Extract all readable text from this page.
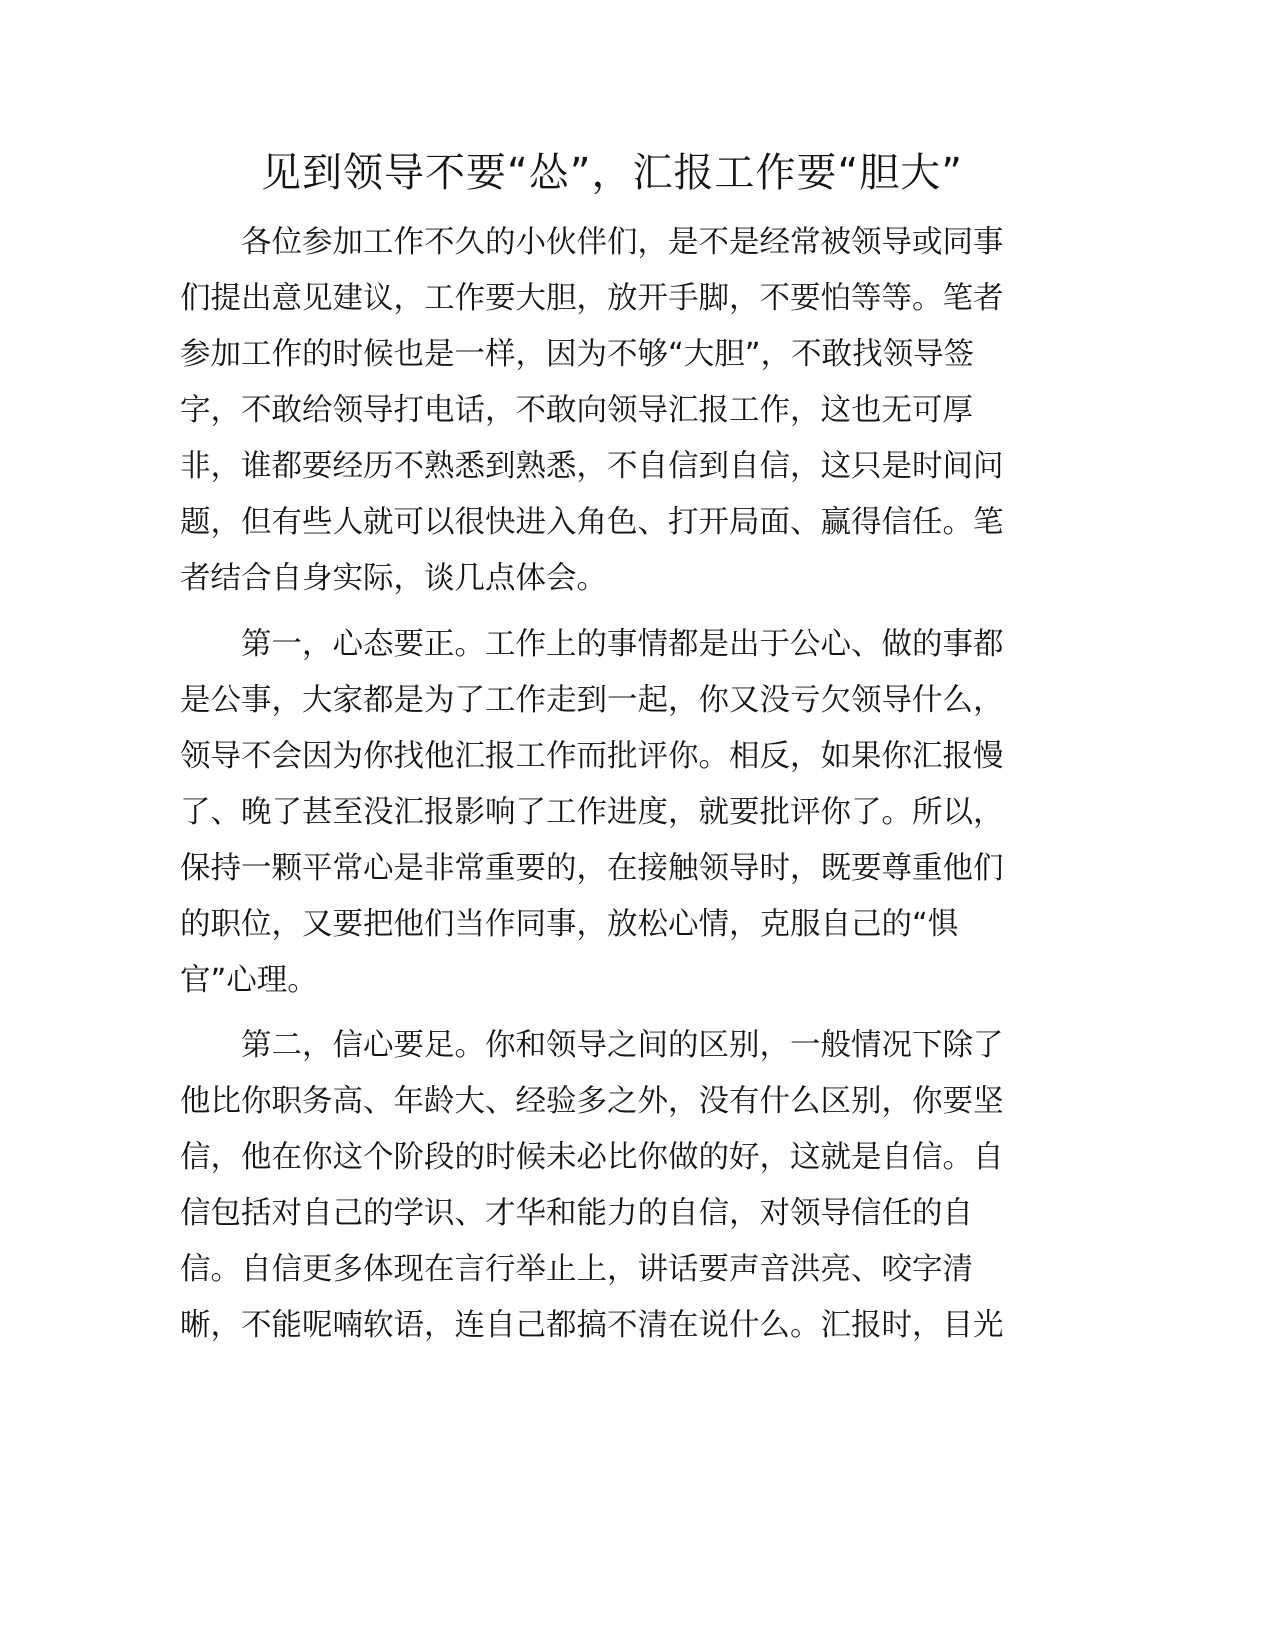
见到领导不要“怂”，汇报工作要“胆大”
各位参加工作不久的小伙伴们，是不是经常被领导或同事
们提出意见建议，工作要大胆，放开手脚，不要怕等等。笔者
参加工作的时候也是一样，因为不够“大胆”，不敢找领导签
字，不敢给领导打电话，不敢向领导汇报工作，这也无可厚
非，谁都要经历不熟悉到熟悉，不自信到自信，这只是时间问
题，但有些人就可以很快进入角色、打开局面、赢得信任。笔
者结合自身实际，谈几点体会。
第一，心态要正。工作上的事情都是出于公心、做的事都
是公事，大家都是为了工作走到一起，你又没亏欠领导什么，
领导不会因为你找他汇报工作而批评你。相反，如果你汇报慢
了、晚了甚至没汇报影响了工作进度，就要批评你了。所以，
保持一颗平常心是非常重要的，在接触领导时，既要尊重他们
的职位，又要把他们当作同事，放松心情，克服自己的“惧
官”心理。
第二，信心要足。你和领导之间的区别，一般情况下除了
他比你职务高、年龄大、经验多之外，没有什么区别，你要坚
信，他在你这个阶段的时候未必比你做的好，这就是自信。自
信包括对自己的学识、才华和能力的自信，对领导信任的自
信。自信更多体现在言行举止上，讲话要声音洪亮、咬字清
晰，不能呢喃软语，连自己都搞不清在说什么。汇报时，目光
